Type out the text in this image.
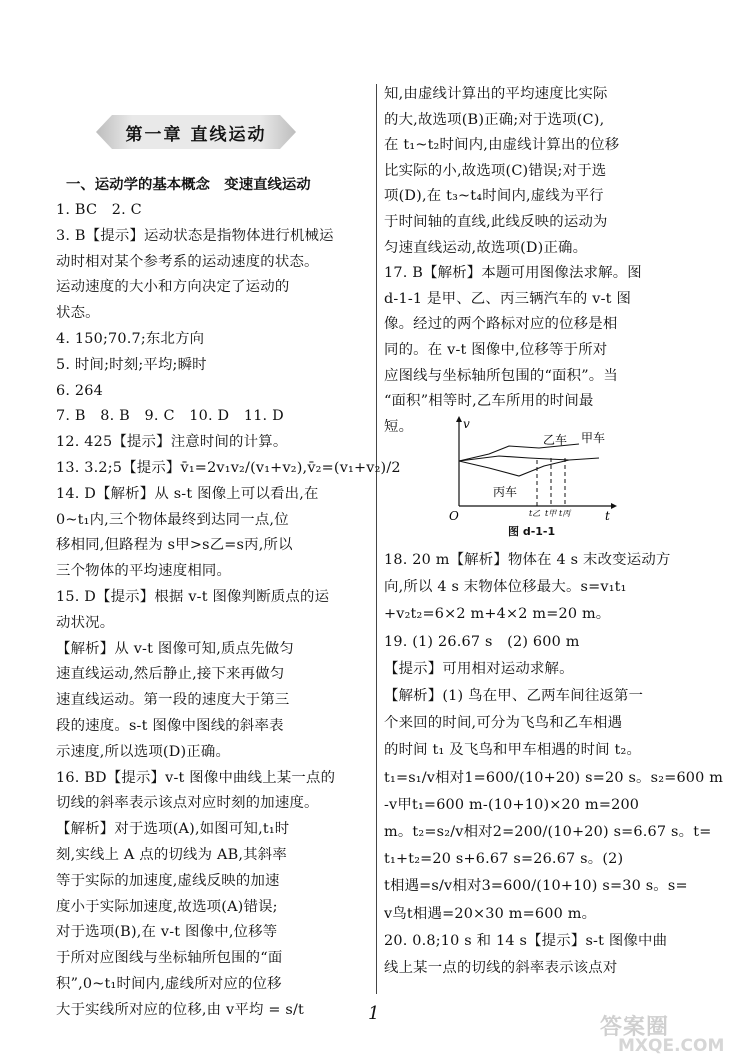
第一章 直线运动
一、运动学的基本概念　变速直线运动
1. BC　2. C
3. B【提示】运动状态是指物体进行机械运
动时相对某个参考系的运动速度的状态。
运动速度的大小和方向决定了运动的
状态。
4. 150;70.7;东北方向
5. 时间;时刻;平均;瞬时
6. 264
7. B　8. B　9. C　10. D　11. D
12. 425【提示】注意时间的计算。
13. 3.2;5【提示】v̄₁=2v₁v₂/(v₁+v₂),v̄₂=(v₁+v₂)/2
14. D【解析】从 s-t 图像上可以看出,在
0~t₁内,三个物体最终到达同一点,位
移相同,但路程为 s甲>s乙=s丙,所以
三个物体的平均速度相同。
15. D【提示】根据 v-t 图像判断质点的运
动状况。
【解析】从 v-t 图像可知,质点先做匀
速直线运动,然后静止,接下来再做匀
速直线运动。第一段的速度大于第三
段的速度。s-t 图像中图线的斜率表
示速度,所以选项(D)正确。
16. BD【提示】v-t 图像中曲线上某一点的
切线的斜率表示该点对应时刻的加速度。
【解析】对于选项(A),如图可知,t₁时
刻,实线上 A 点的切线为 AB,其斜率
等于实际的加速度,虚线反映的加速
度小于实际加速度,故选项(A)错误;
对于选项(B),在 v-t 图像中,位移等
于所对应图线与坐标轴所包围的“面
积”,0~t₁时间内,虚线所对应的位移
大于实线所对应的位移,由 v平均 = s/t
知,由虚线计算出的平均速度比实际
的大,故选项(B)正确;对于选项(C),
在 t₁~t₂时间内,由虚线计算出的位移
比实际的小,故选项(C)错误;对于选
项(D),在 t₃~t₄时间内,虚线为平行
于时间轴的直线,此线反映的运动为
匀速直线运动,故选项(D)正确。
17. B【解析】本题可用图像法求解。图
d-1-1 是甲、乙、丙三辆汽车的 v-t 图
像。经过的两个路标对应的位移是相
同的。在 v-t 图像中,位移等于所对
应图线与坐标轴所包围的“面积”。当
“面积”相等时,乙车所用的时间最
短。
18. 20 m【解析】物体在 4 s 末改变运动方
向,所以 4 s 末物体位移最大。s=v₁t₁
+v₂t₂=6×2 m+4×2 m=20 m。
19. (1) 26.67 s　(2) 600 m
【提示】可用相对运动求解。
【解析】(1) 鸟在甲、乙两车间往返第一
个来回的时间,可分为飞鸟和乙车相遇
的时间 t₁ 及飞鸟和甲车相遇的时间 t₂。
t₁=s₁/v相对1=600/(10+20) s=20 s。s₂=600 m
-v甲t₁=600 m-(10+10)×20 m=200
m。t₂=s₂/v相对2=200/(10+20) s=6.67 s。t=
t₁+t₂=20 s+6.67 s=26.67 s。(2)
t相遇=s/v相对3=600/(10+10) s=30 s。s=
v鸟t相遇=20×30 m=600 m。
20. 0.8;10 s 和 14 s【提示】s-t 图像中曲
线上某一点的切线的斜率表示该点对
v
t
O
乙车 甲车
丙车
t乙 t甲 t丙
图 d-1-1
1
答案圈
MXQE.COM
